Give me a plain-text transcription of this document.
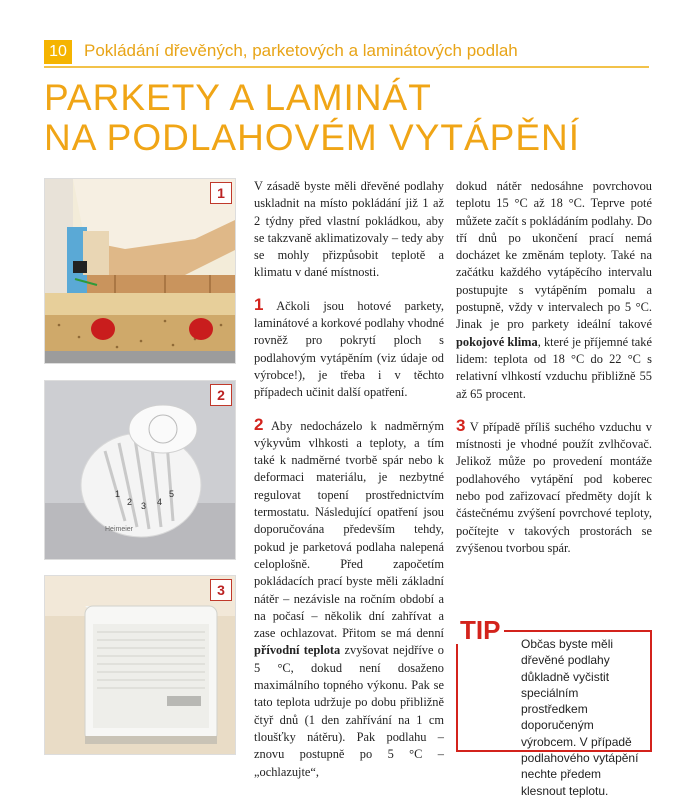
10	Pokládání dřevěných, parketových a laminátových podlah
PARKETY A LAMINÁT
NA PODLAHOVÉM VYTÁPĚNÍ
1
1
2 3 4
5
Heimeier
2
3

V zásadě byste měli dřevěné podlahy uskladnit na místo pokládání již 1 až 2 týdny před vlastní pokládkou, aby se takzvaně aklimatizovaly – tedy aby se mohly přizpůsobit teplotě a klimatu v dané místnosti.

1 Ačkoli jsou hotové parkety, laminátové a korkové podlahy vhodné rovněž pro pokrytí ploch s podlahovým vytápěním (viz údaje od výrobce!), je třeba i v těchto případech učinit další opatření.

2 Aby nedocházelo k nadměrným výkyvům vlhkosti a teploty, a tím také k nadměrné tvorbě spár nebo k deformaci materiálu, je nezbytné regulovat topení prostřednictvím termostatu. Následující opatření jsou doporučována především tehdy, pokud je parketová podlaha nalepená celoplošně. Před započetím pokládacích prací byste měli základní nátěr – nezávisle na ročním období a na počasí – několik dní zahřívat a zase ochlazovat. Přitom se má denní přívodní teplota zvyšovat nejdříve o 5 °C, dokud není dosaženo maximálního topného výkonu. Pak se tato teplota udržuje po dobu přibližně čtyř dnů (1 den zahřívání na 1 cm tloušťky nátěru). Pak podlahu – znovu postupně po 5 °C – „ochlazujte“,

dokud nátěr nedosáhne povrchovou teplotu 15 °C až 18 °C. Teprve poté můžete začít s pokládáním podlahy. Do tří dnů po ukončení prací nemá docházet ke změnám teploty. Také na začátku každého vytápěcího intervalu postupujte s vytápěním pomalu a postupně, vždy v intervalech po 5 °C. Jinak je pro parkety ideální takové pokojové klima, které je příjemné také lidem: teplota od 18 °C do 22 °C s relativní vlhkostí vzduchu přibližně 55 až 65 procent.

3 V případě příliš suchého vzduchu v místnosti je vhodné použít zvlhčovač. Jelikož může po provedení montáže podlahového vytápění pod koberec nebo pod zařizovací předměty dojít k částečnému zvýšení povrchové teploty, počítejte v takových prostorách se zvýšenou tvorbou spár.

TIP	Občas byste měli dřevěné podlahy důkladně vyčistit speciálním prostředkem doporučeným výrobcem. V případě podlahového vytápění nechte předem klesnout teplotu.
